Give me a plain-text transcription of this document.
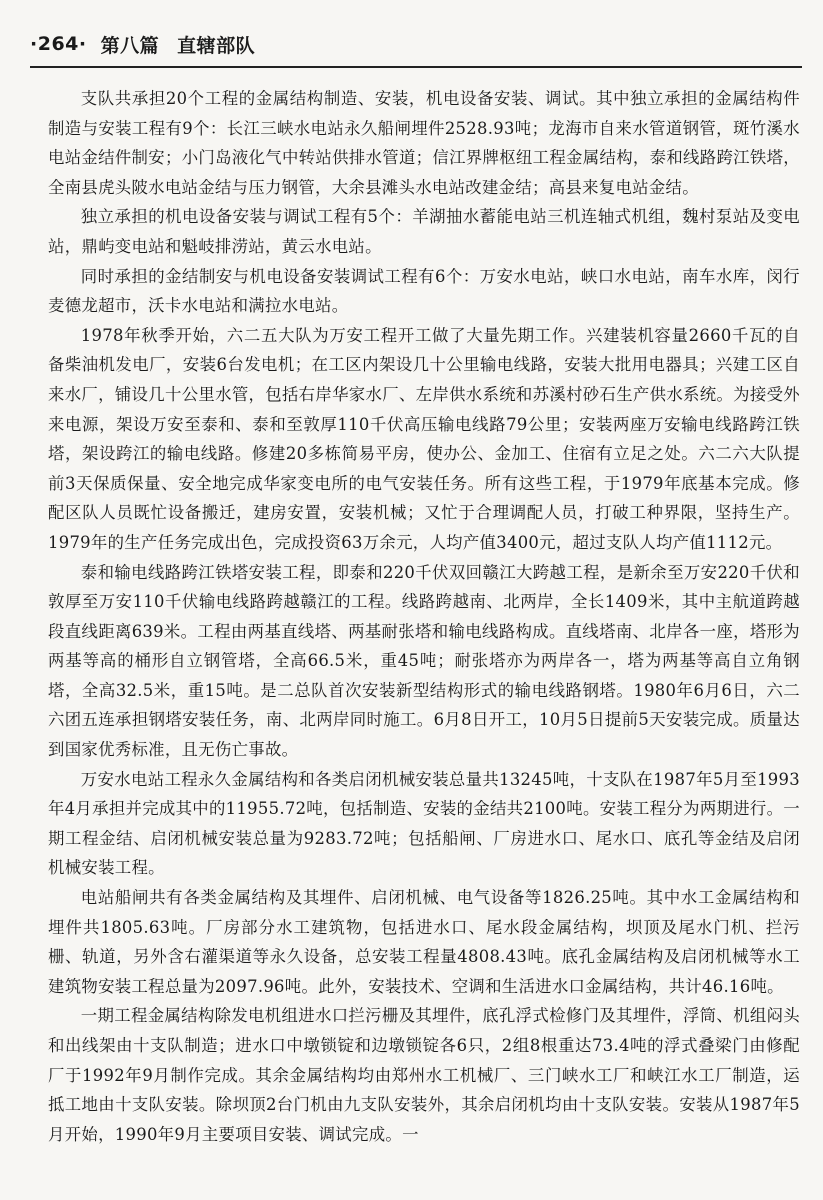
·264· 第八篇 直辖部队

支队共承担20个工程的金属结构制造、安装，机电设备安装、调试。其中独立承担的金属结构件制造与安装工程有9个：长江三峡水电站永久船闸埋件2528.93吨；龙海市自来水管道钢管，斑竹溪水电站金结件制安；小门岛液化气中转站供排水管道；信江界牌枢纽工程金属结构，泰和线路跨江铁塔，全南县虎头陂水电站金结与压力钢管，大余县滩头水电站改建金结；高县来复电站金结。

独立承担的机电设备安装与调试工程有5个：羊湖抽水蓄能电站三机连轴式机组，魏村泵站及变电站，鼎屿变电站和魁岐排涝站，黄云水电站。

同时承担的金结制安与机电设备安装调试工程有6个：万安水电站，峡口水电站，南车水库，闵行麦德龙超市，沃卡水电站和满拉水电站。

1978年秋季开始，六二五大队为万安工程开工做了大量先期工作。兴建装机容量2660千瓦的自备柴油机发电厂，安装6台发电机；在工区内架设几十公里输电线路，安装大批用电器具；兴建工区自来水厂，铺设几十公里水管，包括右岸华家水厂、左岸供水系统和苏溪村砂石生产供水系统。为接受外来电源，架设万安至泰和、泰和至敦厚110千伏高压输电线路79公里；安装两座万安输电线路跨江铁塔，架设跨江的输电线路。修建20多栋简易平房，使办公、金加工、住宿有立足之处。六二六大队提前3天保质保量、安全地完成华家变电所的电气安装任务。所有这些工程，于1979年底基本完成。修配区队人员既忙设备搬迁，建房安置，安装机械；又忙于合理调配人员，打破工种界限，坚持生产。1979年的生产任务完成出色，完成投资63万余元，人均产值3400元，超过支队人均产值1112元。

泰和输电线路跨江铁塔安装工程，即泰和220千伏双回赣江大跨越工程，是新余至万安220千伏和敦厚至万安110千伏输电线路跨越赣江的工程。线路跨越南、北两岸，全长1409米，其中主航道跨越段直线距离639米。工程由两基直线塔、两基耐张塔和输电线路构成。直线塔南、北岸各一座，塔形为两基等高的桶形自立钢管塔，全高66.5米，重45吨；耐张塔亦为两岸各一，塔为两基等高自立角钢塔，全高32.5米，重15吨。是二总队首次安装新型结构形式的输电线路钢塔。1980年6月6日，六二六团五连承担钢塔安装任务，南、北两岸同时施工。6月8日开工，10月5日提前5天安装完成。质量达到国家优秀标准，且无伤亡事故。

万安水电站工程永久金属结构和各类启闭机械安装总量共13245吨，十支队在1987年5月至1993年4月承担并完成其中的11955.72吨，包括制造、安装的金结共2100吨。安装工程分为两期进行。一期工程金结、启闭机械安装总量为9283.72吨；包括船闸、厂房进水口、尾水口、底孔等金结及启闭机械安装工程。

电站船闸共有各类金属结构及其埋件、启闭机械、电气设备等1826.25吨。其中水工金属结构和埋件共1805.63吨。厂房部分水工建筑物，包括进水口、尾水段金属结构，坝顶及尾水门机、拦污栅、轨道，另外含右灌渠道等永久设备，总安装工程量4808.43吨。底孔金属结构及启闭机械等水工建筑物安装工程总量为2097.96吨。此外，安装技术、空调和生活进水口金属结构，共计46.16吨。

一期工程金属结构除发电机组进水口拦污栅及其埋件，底孔浮式检修门及其埋件，浮筒、机组闷头和出线架由十支队制造；进水口中墩锁锭和边墩锁锭各6只，2组8根重达73.4吨的浮式叠梁门由修配厂于1992年9月制作完成。其余金属结构均由郑州水工机械厂、三门峡水工厂和峡江水工厂制造，运抵工地由十支队安装。除坝顶2台门机由九支队安装外，其余启闭机均由十支队安装。安装从1987年5月开始，1990年9月主要项目安装、调试完成。一
